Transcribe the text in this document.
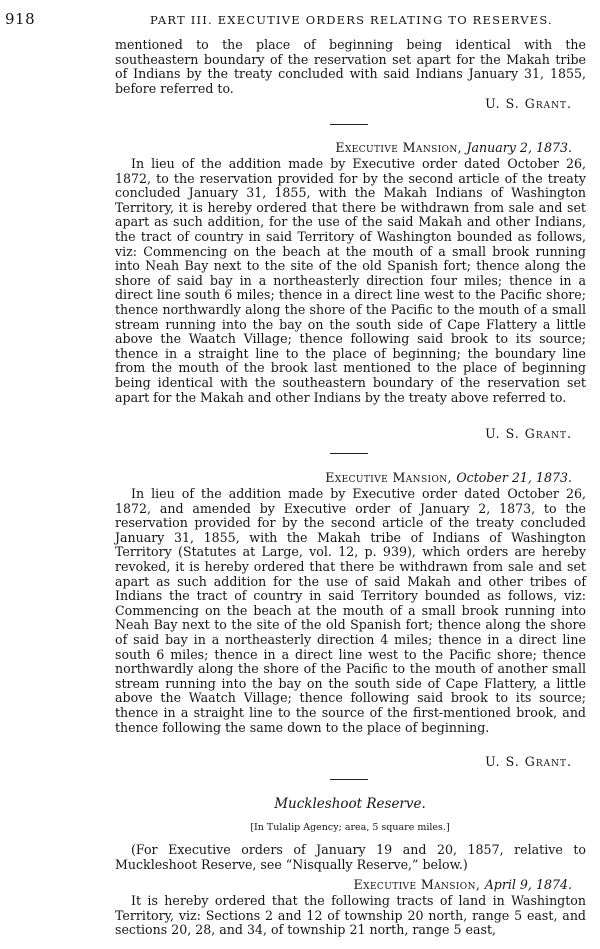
918	PART III. EXECUTIVE ORDERS RELATING TO RESERVES.
mentioned to the place of beginning being identical with the southeastern boundary of the reservation set apart for the Makah tribe of Indians by the treaty concluded with said Indians January 31, 1855, before referred to.
U. S. Grant.
Executive Mansion, January 2, 1873.
In lieu of the addition made by Executive order dated October 26, 1872, to the reservation provided for by the second article of the treaty concluded January 31, 1855, with the Makah Indians of Washington Territory, it is hereby ordered that there be withdrawn from sale and set apart as such addition, for the use of the said Makah and other Indians, the tract of country in said Territory of Washington bounded as follows, viz: Commencing on the beach at the mouth of a small brook running into Neah Bay next to the site of the old Spanish fort; thence along the shore of said bay in a northeasterly direction four miles; thence in a direct line south 6 miles; thence in a direct line west to the Pacific shore; thence northwardly along the shore of the Pacific to the mouth of a small stream running into the bay on the south side of Cape Flattery a little above the Waatch Village; thence following said brook to its source; thence in a straight line to the place of beginning; the boundary line from the mouth of the brook last mentioned to the place of beginning being identical with the southeastern boundary of the reservation set apart for the Makah and other Indians by the treaty above referred to.
U. S. Grant.
Executive Mansion, October 21, 1873.
In lieu of the addition made by Executive order dated October 26, 1872, and amended by Executive order of January 2, 1873, to the reservation provided for by the second article of the treaty concluded January 31, 1855, with the Makah tribe of Indians of Washington Territory (Statutes at Large, vol. 12, p. 939), which orders are hereby revoked, it is hereby ordered that there be withdrawn from sale and set apart as such addition for the use of said Makah and other tribes of Indians the tract of country in said Territory bounded as follows, viz: Commencing on the beach at the mouth of a small brook running into Neah Bay next to the site of the old Spanish fort; thence along the shore of said bay in a northeasterly direction 4 miles; thence in a direct line south 6 miles; thence in a direct line west to the Pacific shore; thence northwardly along the shore of the Pacific to the mouth of another small stream running into the bay on the south side of Cape Flattery, a little above the Waatch Village; thence following said brook to its source; thence in a straight line to the source of the first-mentioned brook, and thence following the same down to the place of beginning.
U. S. Grant.
Muckleshoot Reserve.
[In Tulalip Agency; area, 5 square miles.]
(For Executive orders of January 19 and 20, 1857, relative to Muckleshoot Reserve, see “Nisqually Reserve,” below.)
Executive Mansion, April 9, 1874.
It is hereby ordered that the following tracts of land in Washington Territory, viz: Sections 2 and 12 of township 20 north, range 5 east, and sections 20, 28, and 34, of township 21 north, range 5 east,
